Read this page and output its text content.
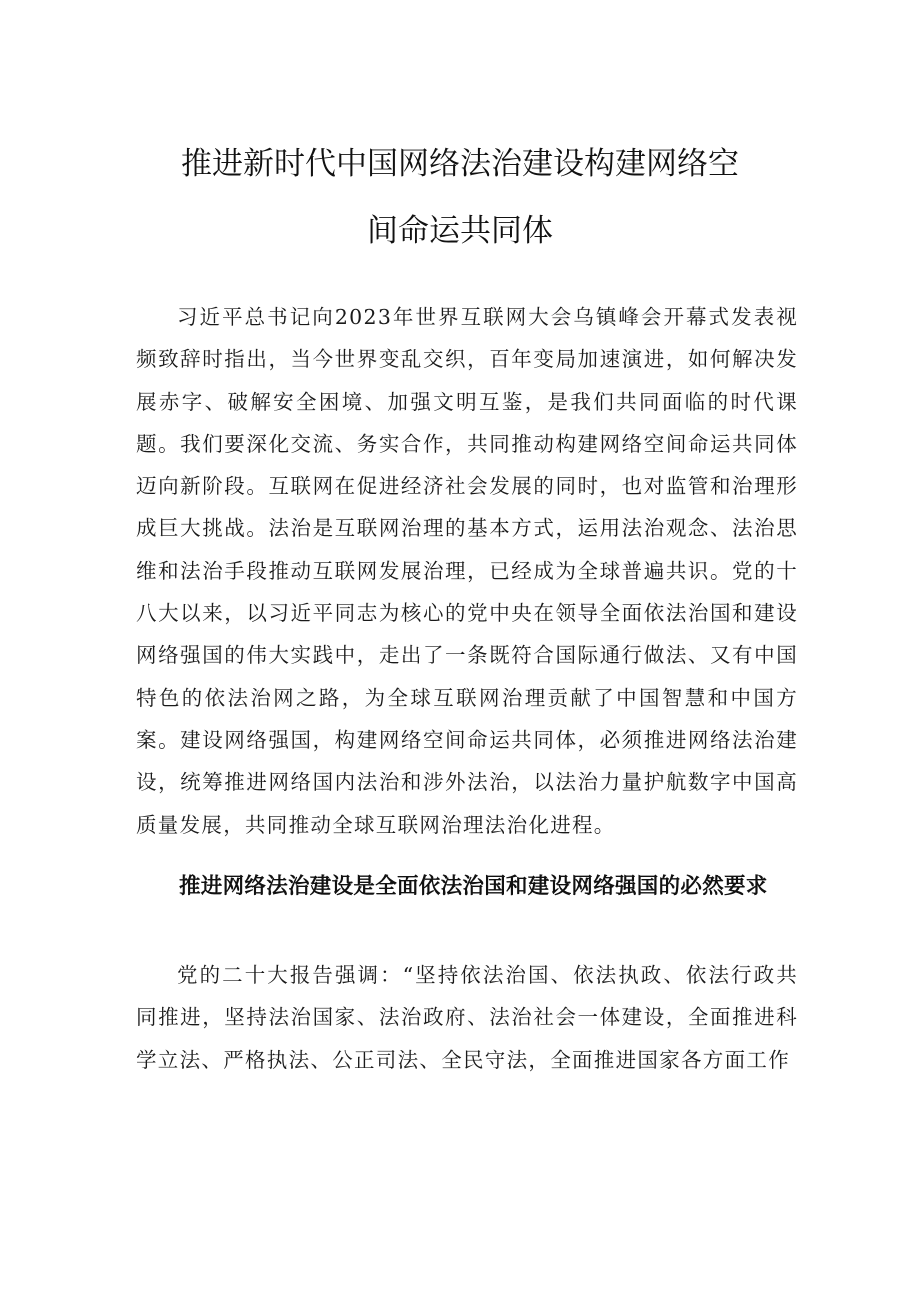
推进新时代中国网络法治建设构建网络空
间命运共同体

习近平总书记向2023年世界互联网大会乌镇峰会开幕式发表视频致辞时指出，当今世界变乱交织，百年变局加速演进，如何解决发展赤字、破解安全困境、加强文明互鉴，是我们共同面临的时代课题。我们要深化交流、务实合作，共同推动构建网络空间命运共同体迈向新阶段。互联网在促进经济社会发展的同时，也对监管和治理形成巨大挑战。法治是互联网治理的基本方式，运用法治观念、法治思维和法治手段推动互联网发展治理，已经成为全球普遍共识。党的十八大以来，以习近平同志为核心的党中央在领导全面依法治国和建设网络强国的伟大实践中，走出了一条既符合国际通行做法、又有中国特色的依法治网之路，为全球互联网治理贡献了中国智慧和中国方案。建设网络强国，构建网络空间命运共同体，必须推进网络法治建设，统筹推进网络国内法治和涉外法治，以法治力量护航数字中国高质量发展，共同推动全球互联网治理法治化进程。

推进网络法治建设是全面依法治国和建设网络强国的必然要求

党的二十大报告强调：“坚持依法治国、依法执政、依法行政共同推进，坚持法治国家、法治政府、法治社会一体建设，全面推进科学立法、严格执法、公正司法、全民守法，全面推进国家各方面工作
